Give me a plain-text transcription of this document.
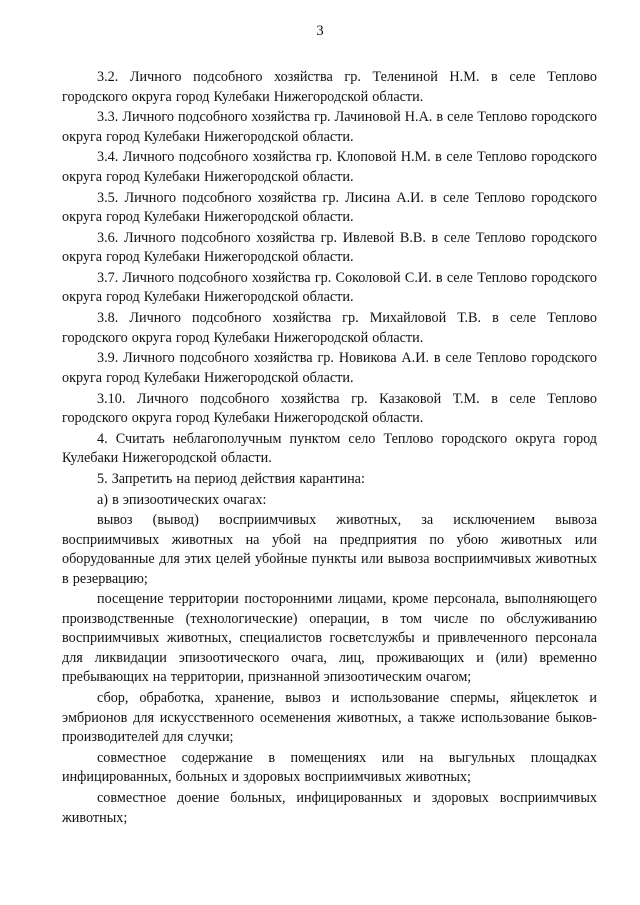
3

3.2. Личного подсобного хозяйства гр. Телениной Н.М. в селе Теплово городского округа город Кулебаки Нижегородской области.

3.3. Личного подсобного хозяйства гр. Лачиновой Н.А. в селе Теплово городского округа город Кулебаки Нижегородской области.

3.4. Личного подсобного хозяйства гр. Клоповой Н.М. в селе Теплово городского округа город Кулебаки Нижегородской области.

3.5. Личного подсобного хозяйства гр. Лисина А.И. в селе Теплово городского округа город Кулебаки Нижегородской области.

3.6. Личного подсобного хозяйства гр. Ивлевой В.В. в селе Теплово городского округа город Кулебаки Нижегородской области.

3.7. Личного подсобного хозяйства гр. Соколовой С.И. в селе Теплово городского округа город Кулебаки Нижегородской области.

3.8. Личного подсобного хозяйства гр. Михайловой Т.В. в селе Теплово городского округа город Кулебаки Нижегородской области.

3.9. Личного подсобного хозяйства гр. Новикова А.И. в селе Теплово городского округа город Кулебаки Нижегородской области.

3.10. Личного подсобного хозяйства гр. Казаковой Т.М. в селе Теплово городского округа город Кулебаки Нижегородской области.

4. Считать неблагополучным пунктом село Теплово городского округа город Кулебаки Нижегородской области.

5. Запретить на период действия карантина:

а) в эпизоотических очагах:

вывоз (вывод) восприимчивых животных, за исключением вывоза восприимчивых животных на убой на предприятия по убою животных или оборудованные для этих целей убойные пункты или вывоза восприимчивых животных в резервацию;

посещение территории посторонними лицами, кроме персонала, выполняющего производственные (технологические) операции, в том числе по обслуживанию восприимчивых животных, специалистов госветслужбы и привлеченного персонала для ликвидации эпизоотического очага, лиц, проживающих и (или) временно пребывающих на территории, признанной эпизоотическим очагом;

сбор, обработка, хранение, вывоз и использование спермы, яйцеклеток и эмбрионов для искусственного осеменения животных, а также использование быков-производителей для случки;

совместное содержание в помещениях или на выгульных площадках инфицированных, больных и здоровых восприимчивых животных;

совместное доение больных, инфицированных и здоровых восприимчивых животных;
